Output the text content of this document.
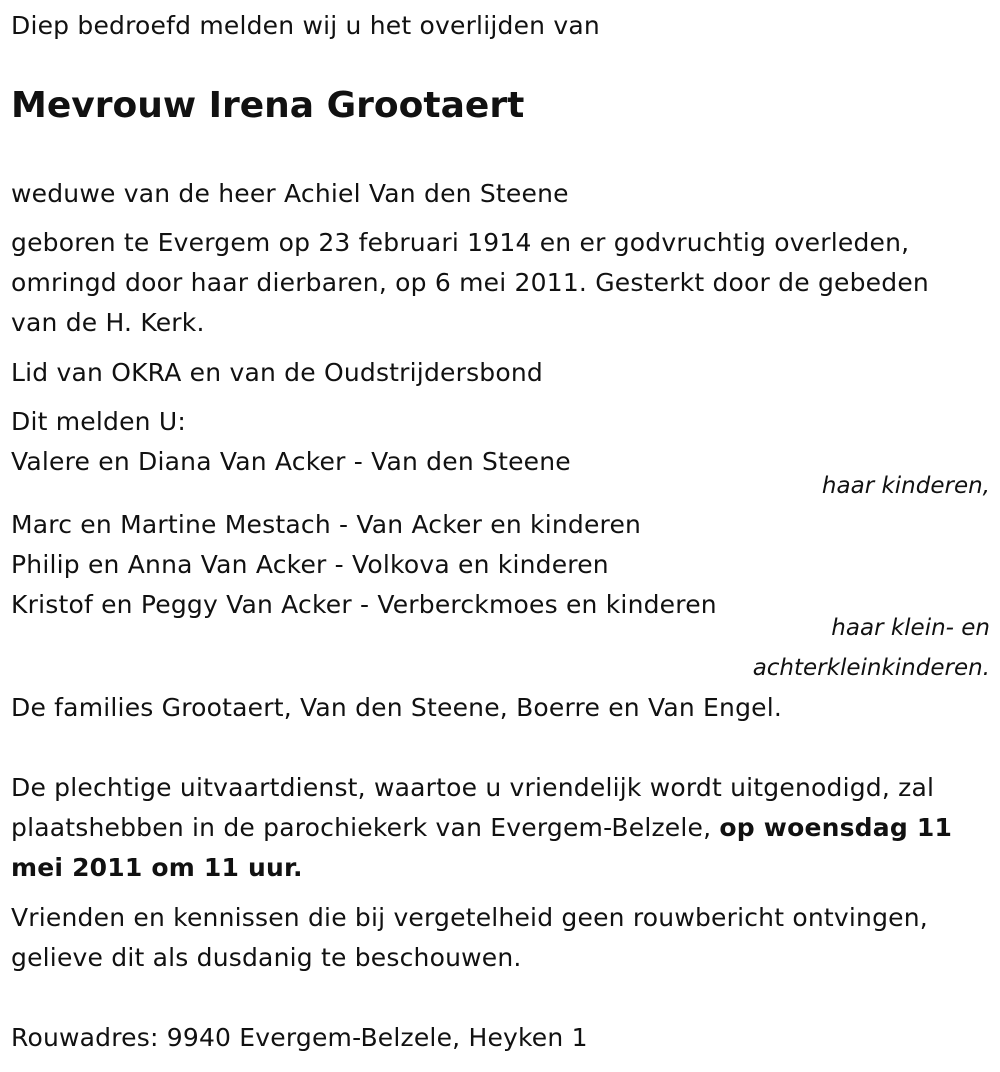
Diep bedroefd melden wij u het overlijden van

Mevrouw Irena Grootaert

weduwe van de heer Achiel Van den Steene

geboren te Evergem op 23 februari 1914 en er godvruchtig overleden,

omringd door haar dierbaren, op 6 mei 2011. Gesterkt door de gebeden

van de H. Kerk.

Lid van OKRA en van de Oudstrijdersbond

Dit melden U:

Valere en Diana Van Acker - Van den Steene

haar kinderen,

Marc en Martine Mestach - Van Acker en kinderen

Philip en Anna Van Acker - Volkova en kinderen

Kristof en Peggy Van Acker - Verberckmoes en kinderen

haar klein- en

achterkleinkinderen.

De families Grootaert, Van den Steene, Boerre en Van Engel.

De plechtige uitvaartdienst, waartoe u vriendelijk wordt uitgenodigd, zal

plaatshebben in de parochiekerk van Evergem-Belzele, op woensdag 11

mei 2011 om 11 uur.

Vrienden en kennissen die bij vergetelheid geen rouwbericht ontvingen,

gelieve dit als dusdanig te beschouwen.

Rouwadres: 9940 Evergem-Belzele, Heyken 1
